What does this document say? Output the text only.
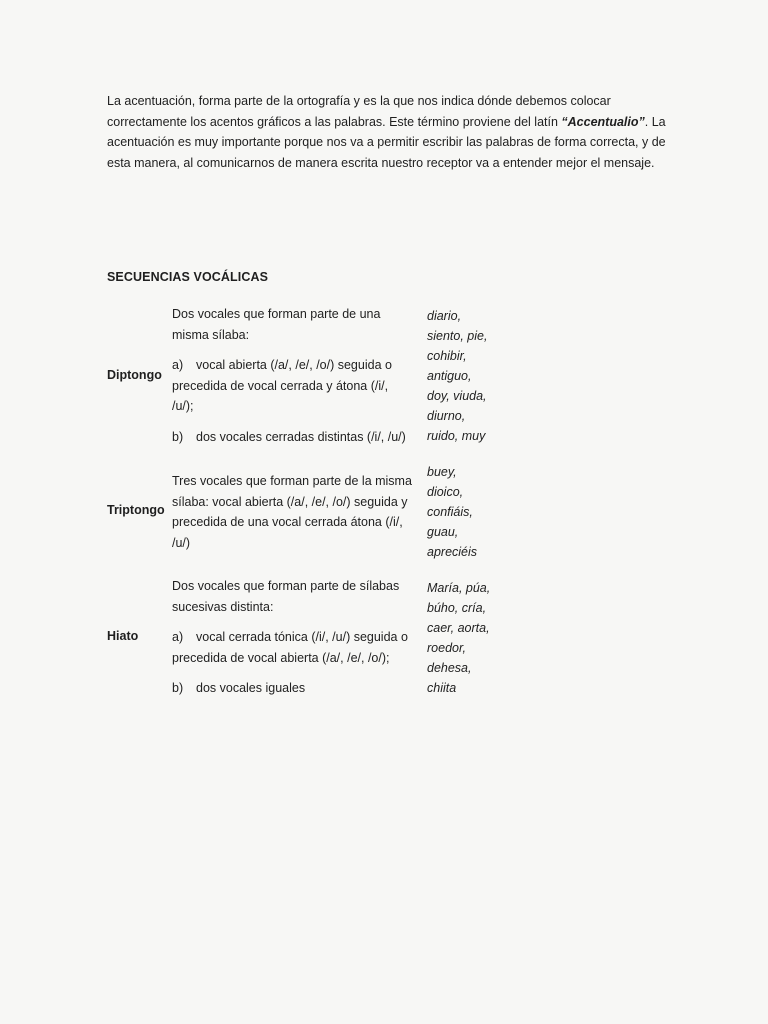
La acentuación, forma parte de la ortografía y es la que nos indica dónde debemos colocar correctamente los acentos gráficos a las palabras. Este término proviene del latín “Accentualio”. La acentuación es muy importante porque nos va a permitir escribir las palabras de forma correcta, y de esta manera, al comunicarnos de manera escrita nuestro receptor va a entender mejor el mensaje.

SECUENCIAS VOCÁLICAS

Diptongo

Dos vocales que forman parte de una misma sílaba:

a) vocal abierta (/a/, /e/, /o/) seguida o precedida de vocal cerrada y átona (/i/, /u/);

b) dos vocales cerradas distintas (/i/, /u/)

diario,
siento, pie,
cohibir,
antiguo,
doy, viuda,
diurno,
ruido, muy
Triptongo

Tres vocales que forman parte de la misma sílaba: vocal abierta (/a/, /e/, /o/) seguida y precedida de una vocal cerrada átona (/i/, /u/)

buey,
dioico,
confiáis,
guau,
apreciéis
Hiato

Dos vocales que forman parte de sílabas sucesivas distinta:

a) vocal cerrada tónica (/i/, /u/) seguida o precedida de vocal abierta (/a/, /e/, /o/);

b) dos vocales iguales

María, púa,
búho, cría,
caer, aorta,
roedor,
dehesa,
chiita
